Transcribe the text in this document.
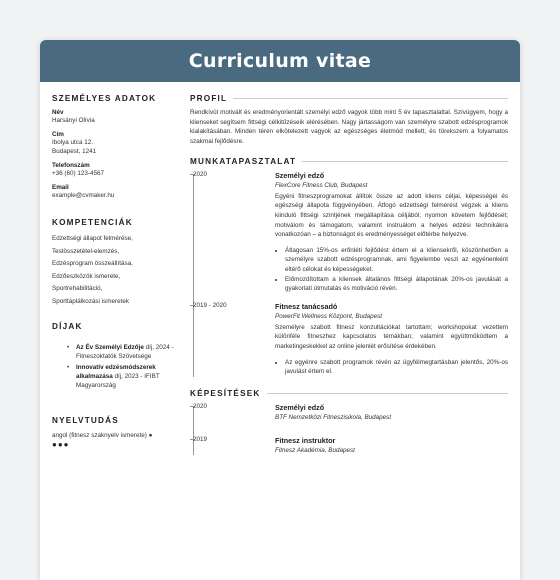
Curriculum vitae
SZEMÉLYES ADATOK
Név
Harsányi Olívia
Cím
Ibolya utca 12.
Budapest, 1241
Telefonszám
+36 (60) 123-4567
Email
example@cvmaker.hu
KOMPETENCIÁK
Edzettségi állapot felmérése,
Testösszetétel-elemzés,
Edzésprogram összeállítása,
Edzőeszközök ismerete,
Sportrehabilitáció,
Sporttáplálkozási ismeretek
DÍJAK
• Az Év Személyi Edzője díj, 2024 - Fitneszoktatók Szövetsége
• Innovatív edzésmódszerek alkalmazása díj, 2023 - IFIBT Magyarország
NYELVTUDÁS
angol (fitnesz szaknyelv ismerete) ●
●●●
PROFIL
Rendkívül motivált és eredményorientált személyi edző vagyok több mint 5 év tapasztalattal. Szívügyem, hogy a klienseket segítsem fittségi célkitűzéseik elérésében. Nagy jártasságom van személyre szabott edzésprogramok kialakításában. Minden téren elkötelezett vagyok az egészséges életmód mellett, és törekszem a folyamatos szakmai fejlődésre.
MUNKATAPASZTALAT
2020	Személyi edző
FlexCore Fitness Club, Budapest
Egyéni fitneszprogramokat állítok össze az adott kliens céljai, képességei és egészségi állapota függvényében. Átfogó edzettségi felmérést végzek a kliens kiinduló fittségi szintjének megállapítása céljából; nyomon követem fejlődését; motiválom és támogatom, valamint instruálom a helyes edzési technikákra vonatkozóan – a biztonságot és eredményességet előtérbe helyezve.
• Átlagosan 15%-os erőnléti fejlődést értem el a kliensekről, köszönhetően a személyre szabott edzésprogramnak, ami figyelembe veszi az egyénenként eltérő célokat és képességeket.
• Előmozdítottam a kliensek általános fittségi állapotának 20%-os javulását a gyakorlati útmutatás és motiváció révén.
2019 - 2020	Fitnesz tanácsadó
PowerFit Wellness Központ, Budapest
Személyre szabott fitnesz konzultációkat tartottam; workshopokat vezettem különféle fitneszhez kapcsolatos témákban; valamint együttműködtem a marketingeskekkel az online jelenlét erősítése érdekében.
• Az egyénre szabott programok révén az ügyfélmegtartásban jelentős, 20%-os javulást értem el.
KÉPESÍTÉSEK
2020	Személyi edző
BTF Nemzetközi Fitneszisikola, Budapest
2019	Fitnesz instruktor
Fitnesz Akadémia, Budapest
